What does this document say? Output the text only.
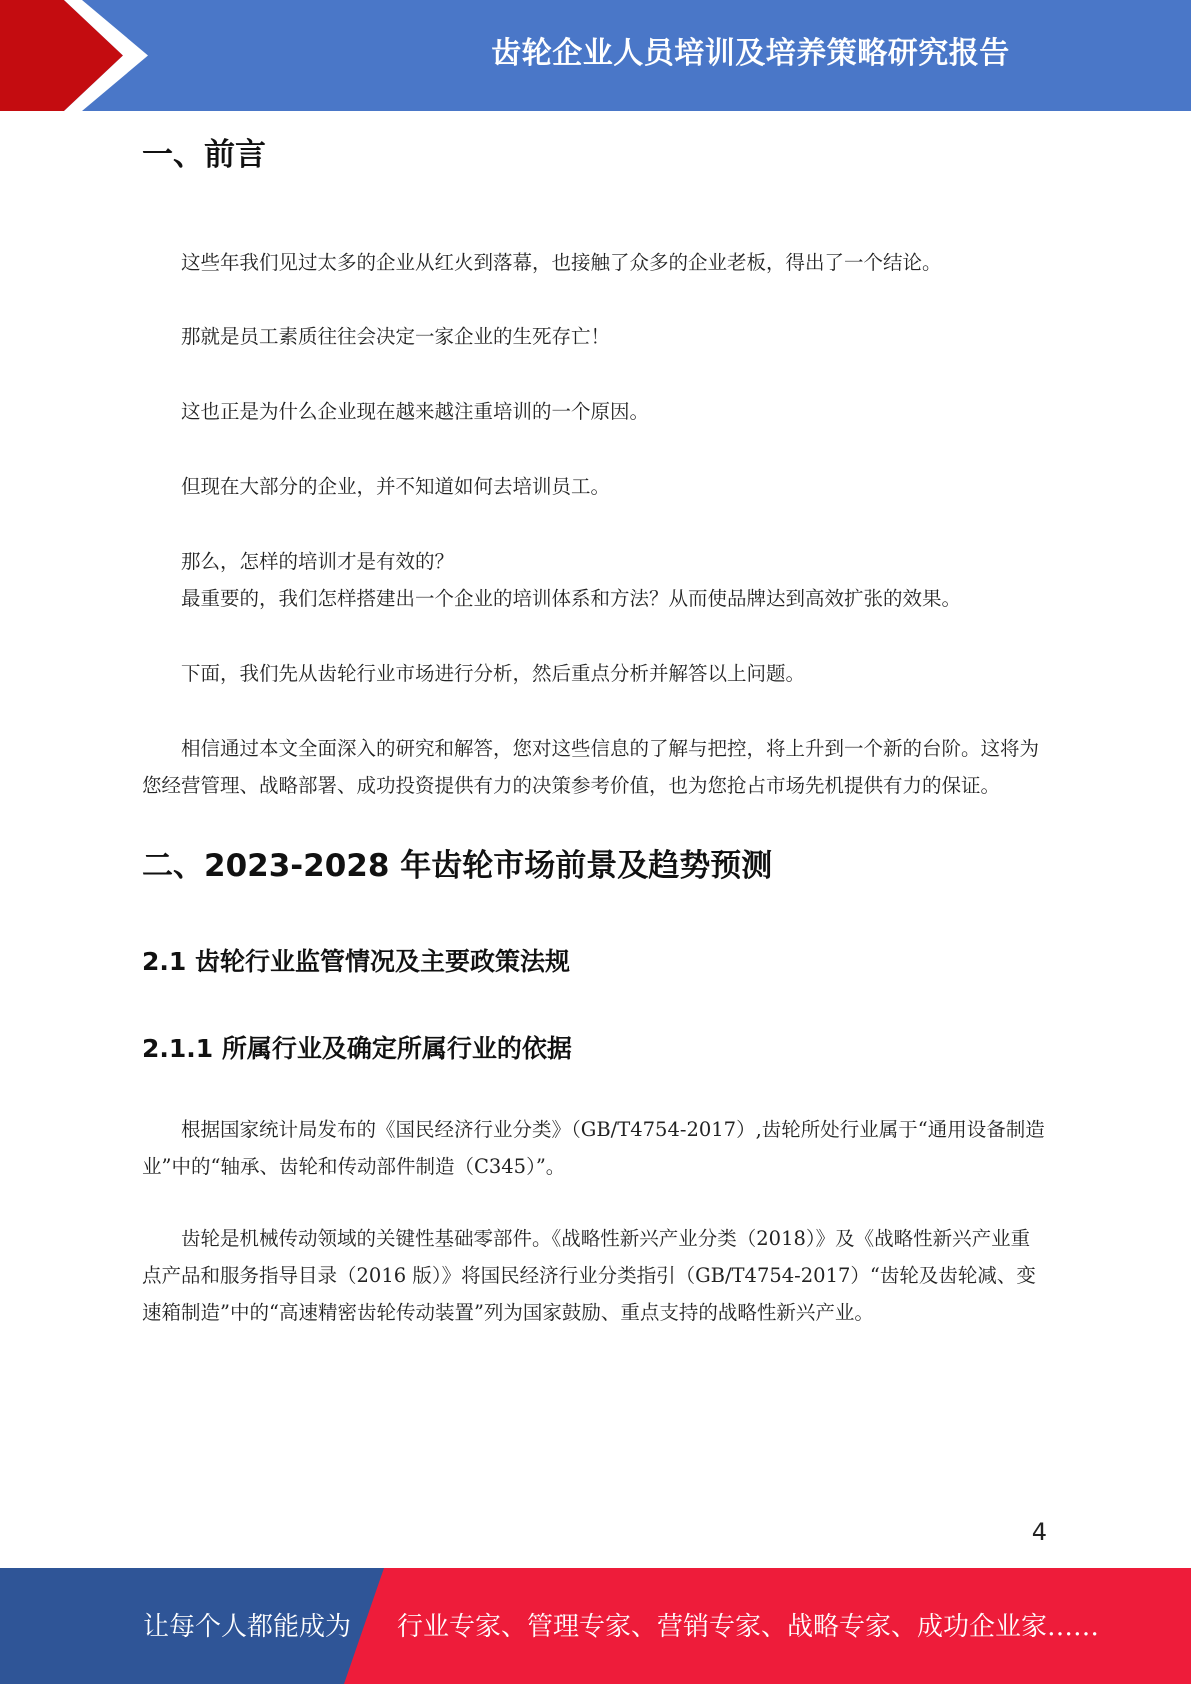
齿轮企业人员培训及培养策略研究报告
一、前言

这些年我们见过太多的企业从红火到落幕，也接触了众多的企业老板，得出了一个结论。

那就是员工素质往往会决定一家企业的生死存亡！

这也正是为什么企业现在越来越注重培训的一个原因。

但现在大部分的企业，并不知道如何去培训员工。

那么，怎样的培训才是有效的？

最重要的，我们怎样搭建出一个企业的培训体系和方法？从而使品牌达到高效扩张的效果。

下面，我们先从齿轮行业市场进行分析，然后重点分析并解答以上问题。

相信通过本文全面深入的研究和解答，您对这些信息的了解与把控，将上升到一个新的台阶。这将为您经营管理、战略部署、成功投资提供有力的决策参考价值，也为您抢占市场先机提供有力的保证。

二、2023-2028 年齿轮市场前景及趋势预测
2.1 齿轮行业监管情况及主要政策法规
2.1.1 所属行业及确定所属行业的依据

根据国家统计局发布的《国民经济行业分类》（GB/T4754-2017）,齿轮所处行业属于“通用设备制造业”中的“轴承、齿轮和传动部件制造（C345）”。

齿轮是机械传动领域的关键性基础零部件。《战略性新兴产业分类（2018）》及《战略性新兴产业重点产品和服务指导目录（2016 版）》将国民经济行业分类指引（GB/T4754-2017）“齿轮及齿轮减、变速箱制造”中的“高速精密齿轮传动装置”列为国家鼓励、重点支持的战略性新兴产业。

4
让每个人都能成为 行业专家、管理专家、营销专家、战略专家、成功企业家……
